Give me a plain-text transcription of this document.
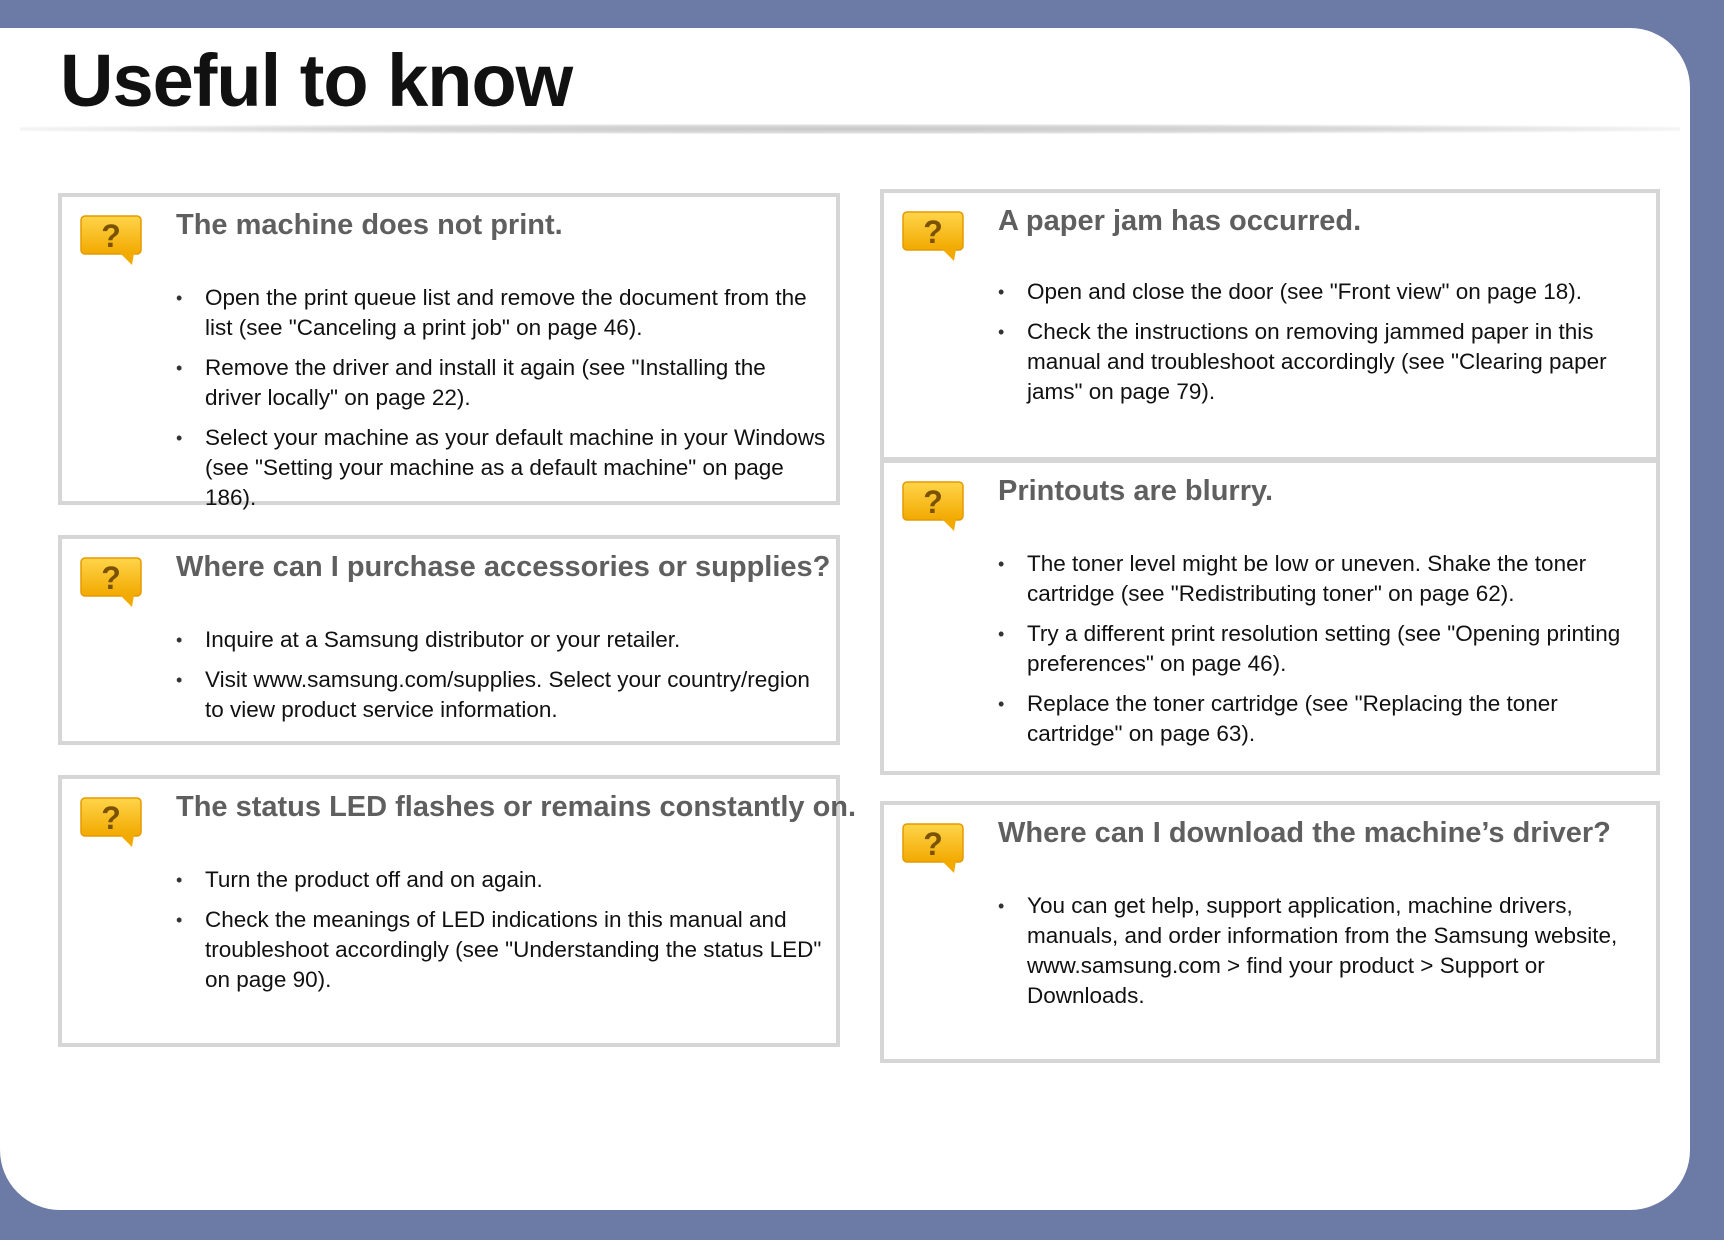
Useful to know
? The machine does not print.
• Open the print queue list and remove the document from the list (see "Canceling a print job" on page 46).
• Remove the driver and install it again (see "Installing the driver locally" on page 22).
• Select your machine as your default machine in your Windows (see "Setting your machine as a default machine" on page 186).
? Where can I purchase accessories or supplies?
• Inquire at a Samsung distributor or your retailer.
• Visit www.samsung.com/supplies. Select your country/region to view product service information.
? The status LED flashes or remains constantly on.
• Turn the product off and on again.
• Check the meanings of LED indications in this manual and troubleshoot accordingly (see "Understanding the status LED" on page 90).
? A paper jam has occurred.
• Open and close the door (see "Front view" on page 18).
• Check the instructions on removing jammed paper in this manual and troubleshoot accordingly (see "Clearing paper jams" on page 79).
? Printouts are blurry.
• The toner level might be low or uneven. Shake the toner cartridge (see "Redistributing toner" on page 62).
• Try a different print resolution setting (see "Opening printing preferences" on page 46).
• Replace the toner cartridge (see "Replacing the toner cartridge" on page 63).
? Where can I download the machine’s driver?
• You can get help, support application, machine drivers, manuals, and order information from the Samsung website, www.samsung.com > find your product > Support or Downloads.
